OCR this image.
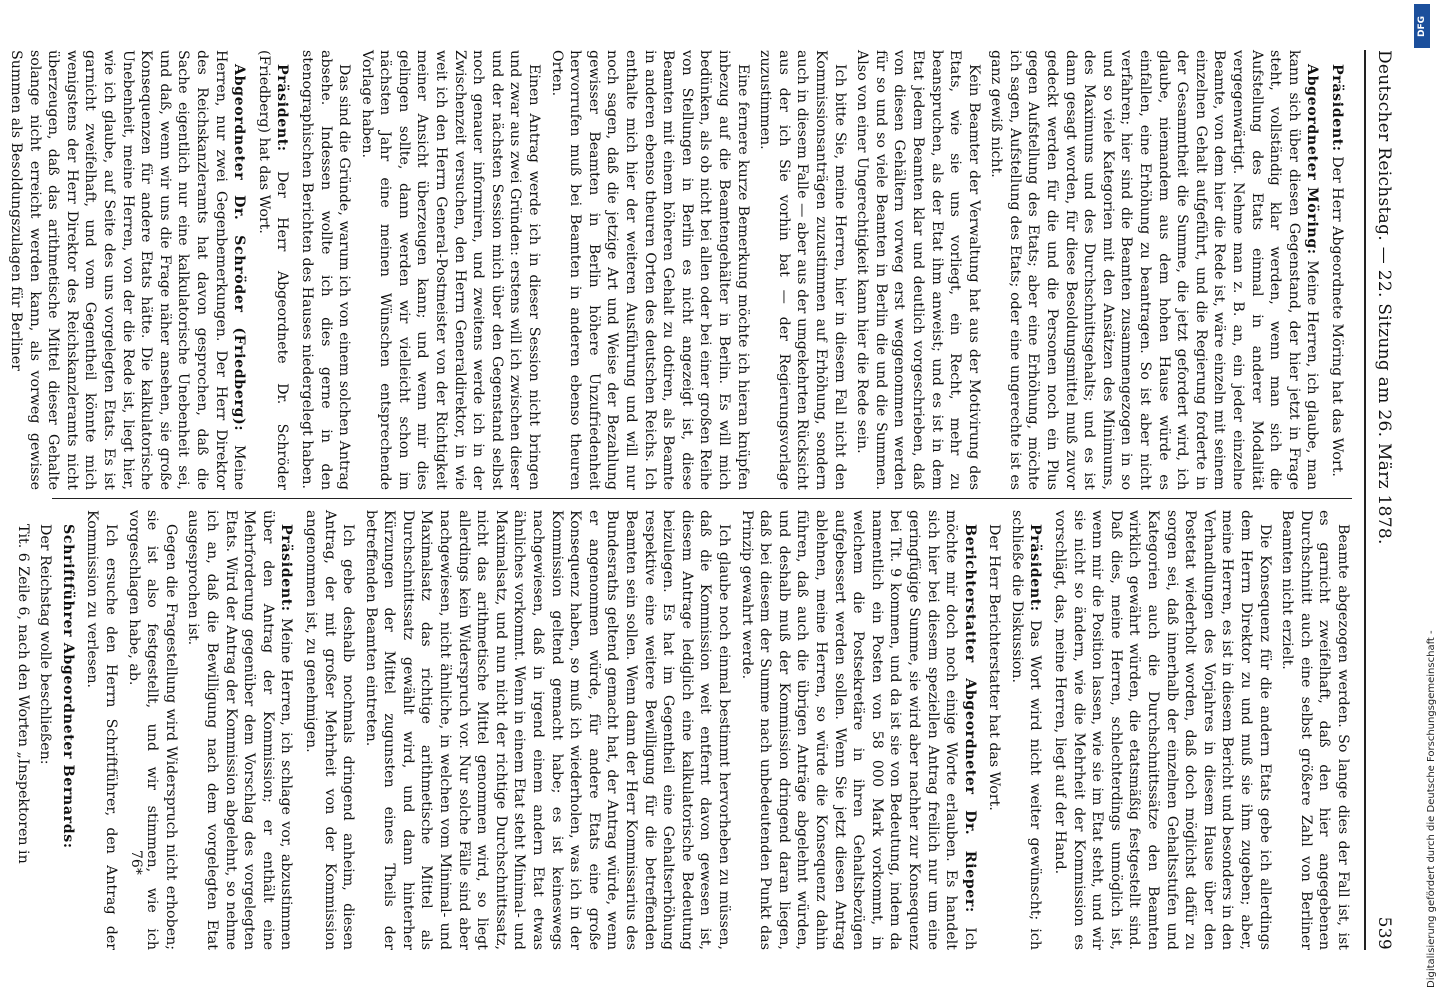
Deutscher Reichstag. — 22. Sitzung am 26. März 1878.
539

Präsident: Der Herr Abgeordnete Möring hat das Wort.

Abgeordneter Möring: Meine Herren, ich glaube, man kann sich über diesen Gegenstand, der hier jetzt in Frage steht, vollständig klar werden, wenn man sich die Aufstellung des Etats einmal in anderer Modalität vergegenwärtigt. Nehme man z. B. an, ein jeder einzelne Beamte, von dem hier die Rede ist, wäre einzeln mit seinem einzelnen Gehalt aufgeführt, und die Regierung forderte in der Gesammtheit die Summe, die jetzt gefordert wird, ich glaube, niemandem aus dem hohen Hause würde es einfallen, eine Erhöhung zu beantragen. So ist aber nicht verfahren; hier sind die Beamten zusammengezogen in so und so viele Kategorien mit den Ansätzen des Minimums, des Maximums und des Durchschnittsgehalts; und es ist dann gesagt worden, für diese Besoldungsmittel muß zuvor gedeckt werden für die und die Personen noch ein Plus gegen Aufstellung des Etats; aber eine Erhöhung, möchte ich sagen, Aufstellung des Etats; oder eine ungerechte ist es ganz gewiß nicht.

Kein Beamter der Verwaltung hat aus der Motivirung des Etats, wie sie uns vorliegt, ein Recht, mehr zu beanspruchen, als der Etat ihm anweist; und es ist in dem Etat jedem Beamten klar und deutlich vorgeschrieben, daß von diesen Gehältern vorweg erst weggenommen werden für so und so viele Beamten in Berlin die und die Summen. Also von einer Ungerechtigkeit kann hier die Rede sein.

Ich bitte Sie, meine Herren, hier in diesem Fall nicht den Kommissionsanträgen zuzustimmen auf Erhöhung, sondern auch in diesem Falle — aber aus der umgekehrten Rücksicht aus der ich Sie vorhin bat — der Regierungsvorlage zuzustimmen.

Eine fernere kurze Bemerkung möchte ich hieran knüpfen inbezug auf die Beamtengehälter in Berlin. Es will mich bedünken, als ob nicht bei allen oder bei einer großen Reihe von Stellungen in Berlin es nicht angezeigt ist, diese Beamten mit einem höheren Gehalt zu dotiren, als Beamte in anderen ebenso theuren Orten des deutschen Reichs. Ich enthalte mich hier der weiteren Ausführung und will nur noch sagen, daß die jetzige Art und Weise der Bezahlung gewisser Beamten in Berlin höhere Unzufriedenheit hervorrufen muß bei Beamten in anderen ebenso theuren Orten.

Einen Antrag werde ich in dieser Session nicht bringen und zwar aus zwei Gründen: erstens will ich zwischen dieser und der nächsten Session mich über den Gegenstand selbst noch genauer informiren, und zweitens werde ich in der Zwischenzeit versuchen, den Herrn Generaldirektor, in wie weit ich den Herrn General-Postmeister von der Richtigkeit meiner Ansicht überzeugen kann; und wenn mir dies gelingen sollte, dann werden wir vielleicht schon im nächsten Jahr eine meinen Wünschen entsprechende Vorlage haben.

Das sind die Gründe, warum ich von einem solchen Antrag absehe. Indessen wollte ich dies gerne in den stenographischen Berichten des Hauses niedergelegt haben.

Präsident: Der Herr Abgeordnete Dr. Schröder (Friedberg) hat das Wort.

Abgeordneter Dr. Schröder (Friedberg): Meine Herren, nur zwei Gegenbemerkungen. Der Herr Direktor des Reichskanzleramts hat davon gesprochen, daß die Sache eigentlich nur eine kalkulatorische Unebenheit sei, und daß, wenn wir uns die Frage näher ansehen, sie große Konsequenzen für andere Etats hätte. Die kalkulatorische Unebenheit, meine Herren, von der die Rede ist, liegt hier, wie ich glaube, auf Seite des uns vorgelegten Etats. Es ist garnicht zweifelhaft, und vom Gegentheil könnte mich wenigstens der Herr Direktor des Reichskanzleramts nicht überzeugen, daß das arithmetische Mittel dieser Gehalte solange nicht erreicht werden kann, als vorweg gewisse Summen als Besoldungszulagen für Berliner

Beamte abgezogen werden. So lange dies der Fall ist, ist es garnicht zweifelhaft, daß den hier angegebenen Durchschnitt auch eine selbst größere Zahl von Berliner Beamten nicht erzielt.

Die Konsequenz für die andern Etats gebe ich allerdings dem Herrn Direktor zu und muß sie ihm zugeben; aber, meine Herren, es ist in diesem Bericht und besonders in den Verhandlungen des Vorjahres in diesem Hause über den Postetat wiederholt worden, daß doch möglichst dafür zu sorgen sei, daß innerhalb der einzelnen Gehaltsstufen und Kategorien auch die Durchschnittssätze den Beamten wirklich gewährt würden, die etatsmäßig festgestellt sind. Daß dies, meine Herren, schlechterdings unmöglich ist, wenn mir die Position lassen, wie sie im Etat steht, und wir sie nicht so ändern, wie die Mehrheit der Kommission es vorschlägt, das, meine Herren, liegt auf der Hand.

Präsident: Das Wort wird nicht weiter gewünscht; ich schließe die Diskussion.

Der Herr Berichterstatter hat das Wort.

Berichterstatter Abgeordneter Dr. Rieper: Ich möchte mir doch noch einige Worte erlauben. Es handelt sich hier bei diesem speziellen Antrag freilich nur um eine geringfügige Summe, sie wird aber nachher zur Konsequenz bei Tit. 9 kommen, und da ist sie von Bedeutung, indem da namentlich ein Posten von 58 000 Mark vorkommt, in welchem die Postsekretäre in ihren Gehaltsbezügen aufgebessert werden sollen. Wenn Sie jetzt diesen Antrag ablehnen, meine Herren, so würde die Konsequenz dahin führen, daß auch die übrigen Anträge abgelehnt würden, und deshalb muß der Kommission dringend daran liegen, daß bei diesem der Summe nach unbedeutenden Punkt das Prinzip gewahrt werde.

Ich glaube noch einmal bestimmt hervorheben zu müssen, daß die Kommission weit entfernt davon gewesen ist, diesem Antrage lediglich eine kalkulatorische Bedeutung beizulegen. Es hat im Gegentheil eine Gehaltserhöhung respektive eine weitere Bewilligung für die betreffenden Beamten sein sollen. Wenn dann der Herr Kommissarius des Bundesraths geltend gemacht hat, der Antrag würde, wenn er angenommen würde, für andere Etats eine große Konsequenz haben, so muß ich wiederholen, was ich in der Kommission geltend gemacht habe; es ist keineswegs nachgewiesen, daß in irgend einem andern Etat etwas ähnliches vorkommt. Wenn in einem Etat steht Minimal- und Maximalsatz, und nun nicht der richtige Durchschnittssatz, nicht das arithmetische Mittel genommen wird, so liegt allerdings kein Widerspruch vor. Nur solche Fälle sind aber nachgewiesen, nicht ähnliche, in welchen vom Minimal- und Maximalsatz das richtige arithmetische Mittel als Durchschnittssatz gewählt wird, und dann hinterher Kürzungen der Mittel zugunsten eines Theils der betreffenden Beamten eintreten.

Ich gebe deshalb nochmals dringend anheim, diesen Antrag, der mit großer Mehrheit von der Kommission angenommen ist, zu genehmigen.

Präsident: Meine Herren, ich schlage vor, abzustimmen über den Antrag der Kommission; er enthält eine Mehrforderung gegenüber dem Vorschlag des vorgelegten Etats. Wird der Antrag der Kommission abgelehnt, so nehme ich an, daß die Bewilligung nach dem vorgelegten Etat ausgesprochen ist.

Gegen die Fragestellung wird Widerspruch nicht erhoben; sie ist also festgestellt, und wir stimmen, wie ich vorgeschlagen habe, ab.

Ich ersuche den Herrn Schriftführer, den Antrag der Kommission zu verlesen.

Schriftführer Abgeordneter Bernards:

Der Reichstag wolle beschließen:

Tit. 6 Zeile 6, nach den Worten „Inspektoren in	76*	Digitalisierung gefördert durch die Deutsche Forschungsgemeinschaft -
DFG
